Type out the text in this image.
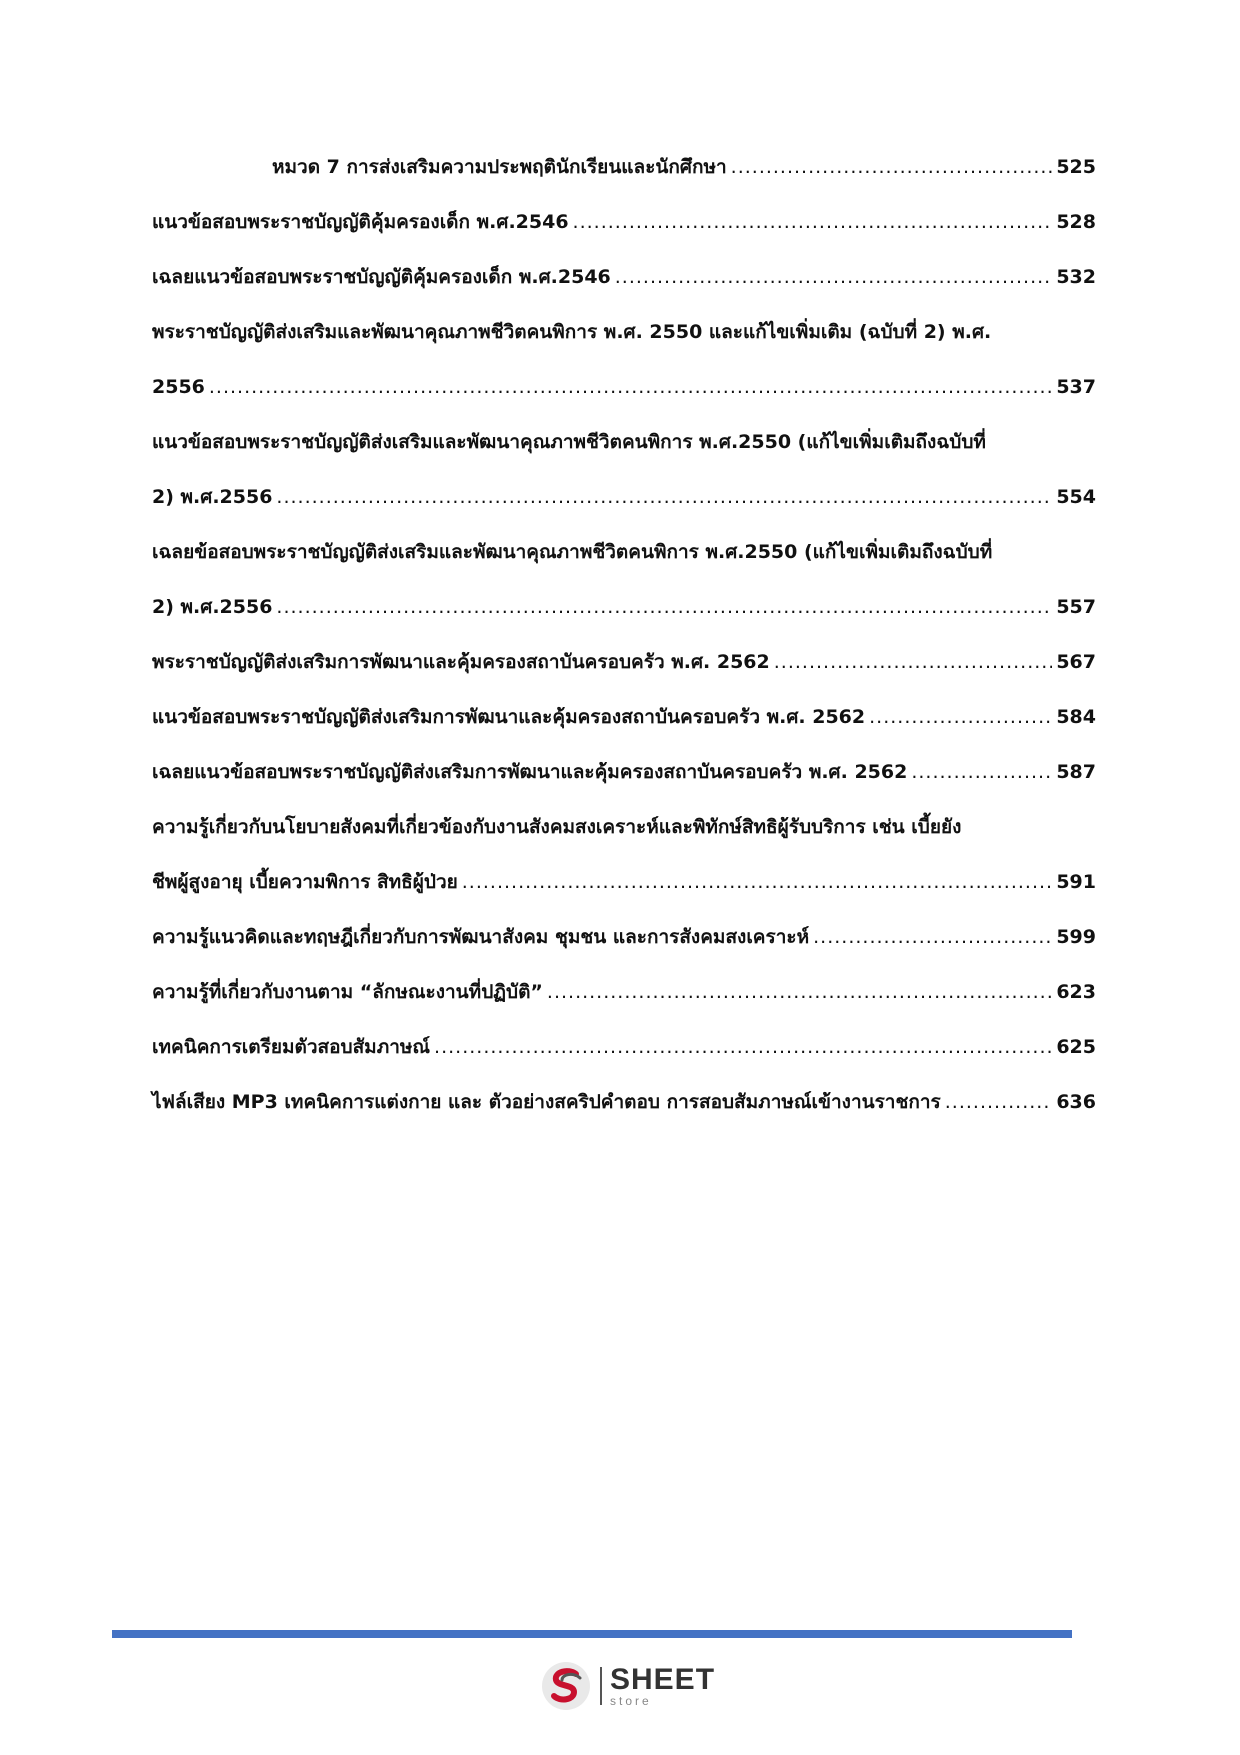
หมวด 7 การส่งเสริมความประพฤตินักเรียนและนักศึกษา .....	525
แนวข้อสอบพระราชบัญญัติคุ้มครองเด็ก พ.ศ.2546 .....	528
เฉลยแนวข้อสอบพระราชบัญญัติคุ้มครองเด็ก พ.ศ.2546 .....	532
พระราชบัญญัติส่งเสริมและพัฒนาคุณภาพชีวิตคนพิการ พ.ศ. 2550 และแก้ไขเพิ่มเติม (ฉบับที่ 2) พ.ศ.
2556 .....	537
แนวข้อสอบพระราชบัญญัติส่งเสริมและพัฒนาคุณภาพชีวิตคนพิการ พ.ศ.2550 (แก้ไขเพิ่มเติมถึงฉบับที่
2) พ.ศ.2556 .....	554
เฉลยข้อสอบพระราชบัญญัติส่งเสริมและพัฒนาคุณภาพชีวิตคนพิการ พ.ศ.2550 (แก้ไขเพิ่มเติมถึงฉบับที่
2) พ.ศ.2556 .....	557
พระราชบัญญัติส่งเสริมการพัฒนาและคุ้มครองสถาบันครอบครัว พ.ศ. 2562 .....	567
แนวข้อสอบพระราชบัญญัติส่งเสริมการพัฒนาและคุ้มครองสถาบันครอบครัว พ.ศ. 2562 .....	584
เฉลยแนวข้อสอบพระราชบัญญัติส่งเสริมการพัฒนาและคุ้มครองสถาบันครอบครัว พ.ศ. 2562 .....	587
ความรู้เกี่ยวกับนโยบายสังคมที่เกี่ยวข้องกับงานสังคมสงเคราะห์และพิทักษ์สิทธิผู้รับบริการ เช่น เบี้ยยัง
ชีพผู้สูงอายุ เบี้ยความพิการ สิทธิผู้ป่วย .....	591
ความรู้แนวคิดและทฤษฎีเกี่ยวกับการพัฒนาสังคม ชุมชน และการสังคมสงเคราะห์ .....	599
ความรู้ที่เกี่ยวกับงานตาม “ลักษณะงานที่ปฏิบัติ” .....	623
เทคนิคการเตรียมตัวสอบสัมภาษณ์ .....	625
ไฟล์เสียง MP3 เทคนิคการแต่งกาย และ ตัวอย่างสคริปคำตอบ การสอบสัมภาษณ์เข้างานราชการ .....	636
SHEET
store
